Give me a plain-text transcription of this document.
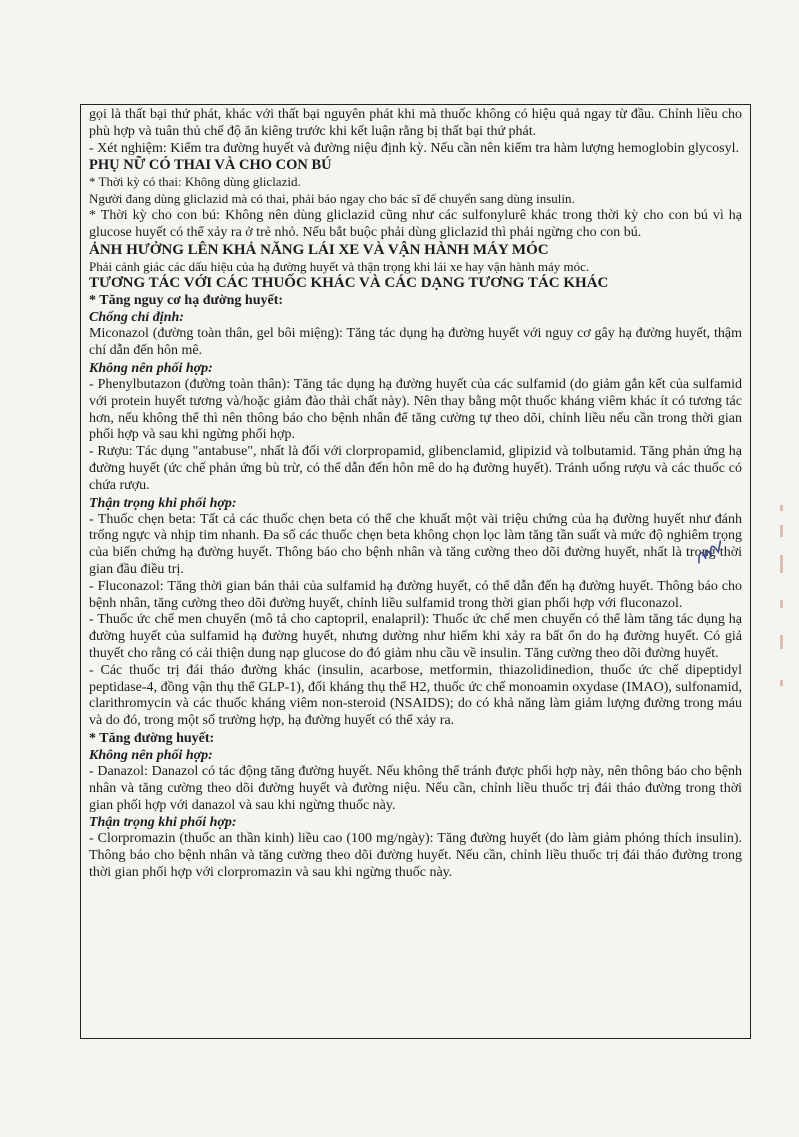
gọi là thất bại thứ phát, khác với thất bại nguyên phát khi mà thuốc không có hiệu quả ngay từ đầu. Chỉnh liều cho phù hợp và tuân thủ chế độ ăn kiêng trước khi kết luận rằng bị thất bại thứ phát.

- Xét nghiệm: Kiểm tra đường huyết và đường niệu định kỳ. Nếu cần nên kiểm tra hàm lượng hemoglobin glycosyl.

PHỤ NỮ CÓ THAI VÀ CHO CON BÚ

* Thời kỳ có thai: Không dùng gliclazid.

Người đang dùng gliclazid mà có thai, phải báo ngay cho bác sĩ để chuyển sang dùng insulin.

* Thời kỳ cho con bú: Không nên dùng gliclazid cũng như các sulfonylurê khác trong thời kỳ cho con bú vì hạ glucose huyết có thể xảy ra ở trẻ nhỏ. Nếu bắt buộc phải dùng gliclazid thì phải ngừng cho con bú.

ẢNH HƯỞNG LÊN KHẢ NĂNG LÁI XE VÀ VẬN HÀNH MÁY MÓC

Phải cảnh giác các dấu hiệu của hạ đường huyết và thận trọng khi lái xe hay vận hành máy móc.

TƯƠNG TÁC VỚI CÁC THUỐC KHÁC VÀ CÁC DẠNG TƯƠNG TÁC KHÁC
* Tăng nguy cơ hạ đường huyết:
Chống chỉ định:

Miconazol (đường toàn thân, gel bôi miệng): Tăng tác dụng hạ đường huyết với nguy cơ gây hạ đường huyết, thậm chí dẫn đến hôn mê.

Không nên phối hợp:

- Phenylbutazon (đường toàn thân): Tăng tác dụng hạ đường huyết của các sulfamid (do giảm gắn kết của sulfamid với protein huyết tương và/hoặc giảm đào thải chất này). Nên thay bằng một thuốc kháng viêm khác ít có tương tác hơn, nếu không thể thì nên thông báo cho bệnh nhân để tăng cường tự theo dõi, chỉnh liều nếu cần trong thời gian phối hợp và sau khi ngừng phối hợp.

- Rượu: Tác dụng "antabuse", nhất là đối với clorpropamid, glibenclamid, glipizid và tolbutamid. Tăng phản ứng hạ đường huyết (ức chế phản ứng bù trừ, có thể dẫn đến hôn mê do hạ đường huyết). Tránh uống rượu và các thuốc có chứa rượu.

Thận trọng khi phối hợp:

- Thuốc chẹn beta: Tất cả các thuốc chẹn beta có thể che khuất một vài triệu chứng của hạ đường huyết như đánh trống ngực và nhịp tim nhanh. Đa số các thuốc chẹn beta không chọn lọc làm tăng tần suất và mức độ nghiêm trọng của biến chứng hạ đường huyết. Thông báo cho bệnh nhân và tăng cường theo dõi đường huyết, nhất là trong thời gian đầu điều trị.

- Fluconazol: Tăng thời gian bán thải của sulfamid hạ đường huyết, có thể dẫn đến hạ đường huyết. Thông báo cho bệnh nhân, tăng cường theo dõi đường huyết, chỉnh liều sulfamid trong thời gian phối hợp với fluconazol.

- Thuốc ức chế men chuyển (mô tả cho captopril, enalapril): Thuốc ức chế men chuyển có thể làm tăng tác dụng hạ đường huyết của sulfamid hạ đường huyết, nhưng dường như hiếm khi xảy ra bất ổn do hạ đường huyết. Có giả thuyết cho rằng có cải thiện dung nạp glucose do đó giảm nhu cầu về insulin. Tăng cường theo dõi đường huyết.

- Các thuốc trị đái tháo đường khác (insulin, acarbose, metformin, thiazolidinedion, thuốc ức chế dipeptidyl peptidase-4, đồng vận thụ thể GLP-1), đối kháng thụ thể H2, thuốc ức chế monoamin oxydase (IMAO), sulfonamid, clarithromycin và các thuốc kháng viêm non-steroid (NSAIDS); do có khả năng làm giảm lượng đường trong máu và do đó, trong một số trường hợp, hạ đường huyết có thể xảy ra.

* Tăng đường huyết:
Không nên phối hợp:

- Danazol: Danazol có tác động tăng đường huyết. Nếu không thể tránh được phối hợp này, nên thông báo cho bệnh nhân và tăng cường theo dõi đường huyết và đường niệu. Nếu cần, chỉnh liều thuốc trị đái tháo đường trong thời gian phối hợp với danazol và sau khi ngừng thuốc này.

Thận trọng khi phối hợp:

- Clorpromazin (thuốc an thần kinh) liều cao (100 mg/ngày): Tăng đường huyết (do làm giảm phóng thích insulin). Thông báo cho bệnh nhân và tăng cường theo dõi đường huyết. Nếu cần, chỉnh liều thuốc trị đái tháo đường trong thời gian phối hợp với clorpromazin và sau khi ngừng thuốc này.
